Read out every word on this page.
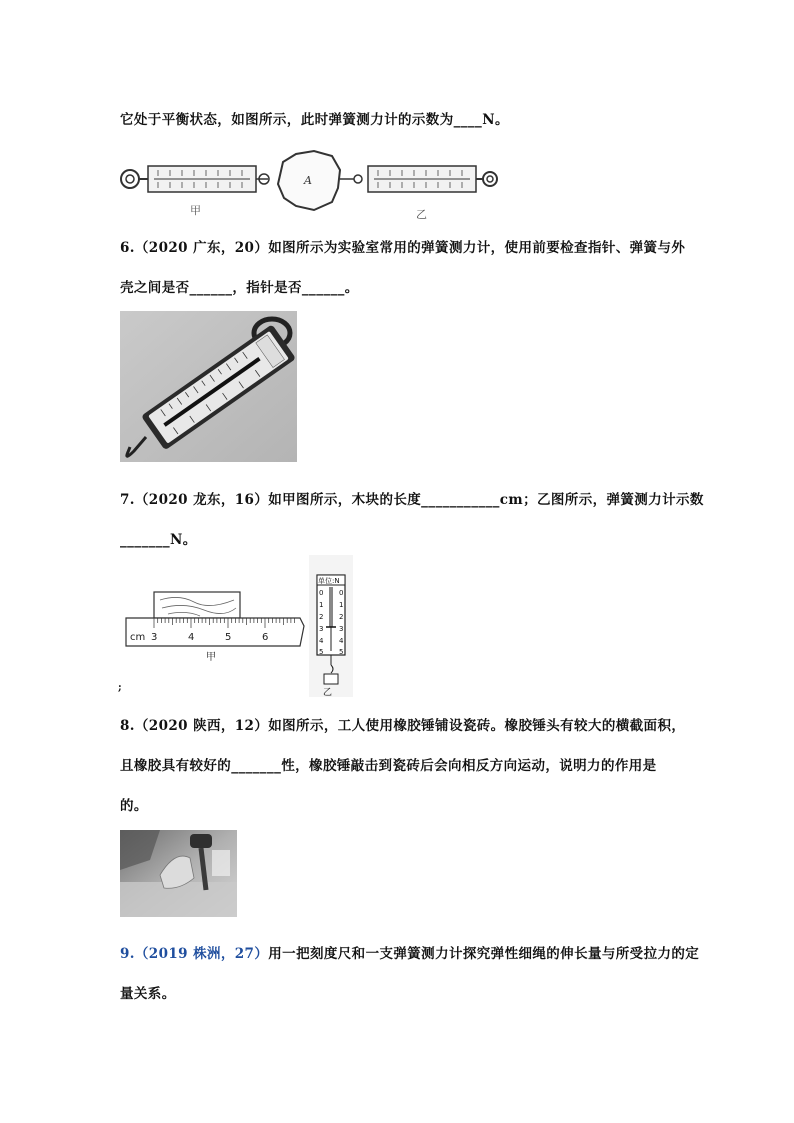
它处于平衡状态，如图所示，此时弹簧测力计的示数为____N。
A
甲	乙
6.（2020 广东，20）如图所示为实验室常用的弹簧测力计，使用前要检查指针、弹簧与外
壳之间是否______，指针是否______。
7.（2020 龙东，16）如甲图所示，木块的长度___________cm；乙图所示，弹簧测力计示数
_______N。
cm 3	4	5	6
甲
;
单位:N
0
1
2
3
4
5
0
1
2
3
4
5
乙
8.（2020 陕西，12）如图所示，工人使用橡胶锤铺设瓷砖。橡胶锤头有较大的横截面积，
且橡胶具有较好的_______性，橡胶锤敲击到瓷砖后会向相反方向运动，说明力的作用是
的。
9.（2019 株洲，27）用一把刻度尺和一支弹簧测力计探究弹性细绳的伸长量与所受拉力的定
量关系。
